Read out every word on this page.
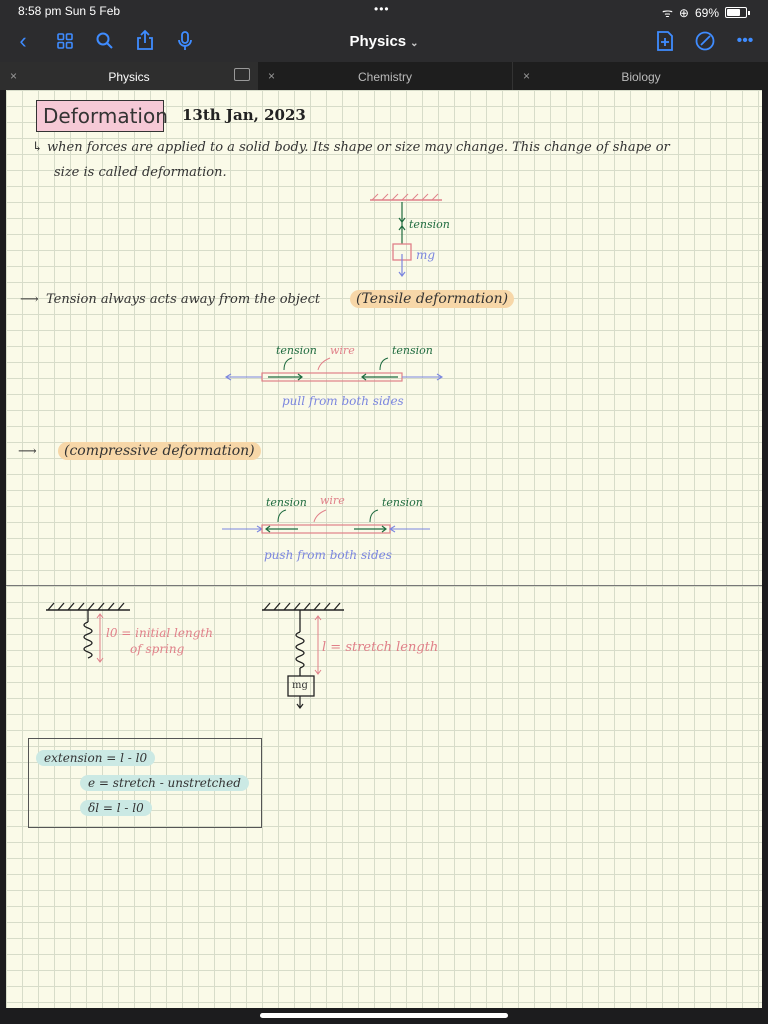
8:58 pm Sun 5 Feb	•••	ᯤ ⊕ 69%
‹	Physics ⌄	•••
×	Physics	×	Chemistry	×	Biology
Deformation 13th Jan, 2023
↳ when forces are applied to a solid body. Its shape or size may change. This change of shape or
size is called deformation.
tension
mg
⟶ Tension always acts away from the object	(Tensile deformation)
tension wire	tension
pull from both sides
⟶	(compressive deformation)
tension wire	tension
push from both sides
l0 = initial length
of spring
mg
l = stretch length
extension = l - l0
e = stretch - unstretched
δl = l - l0
